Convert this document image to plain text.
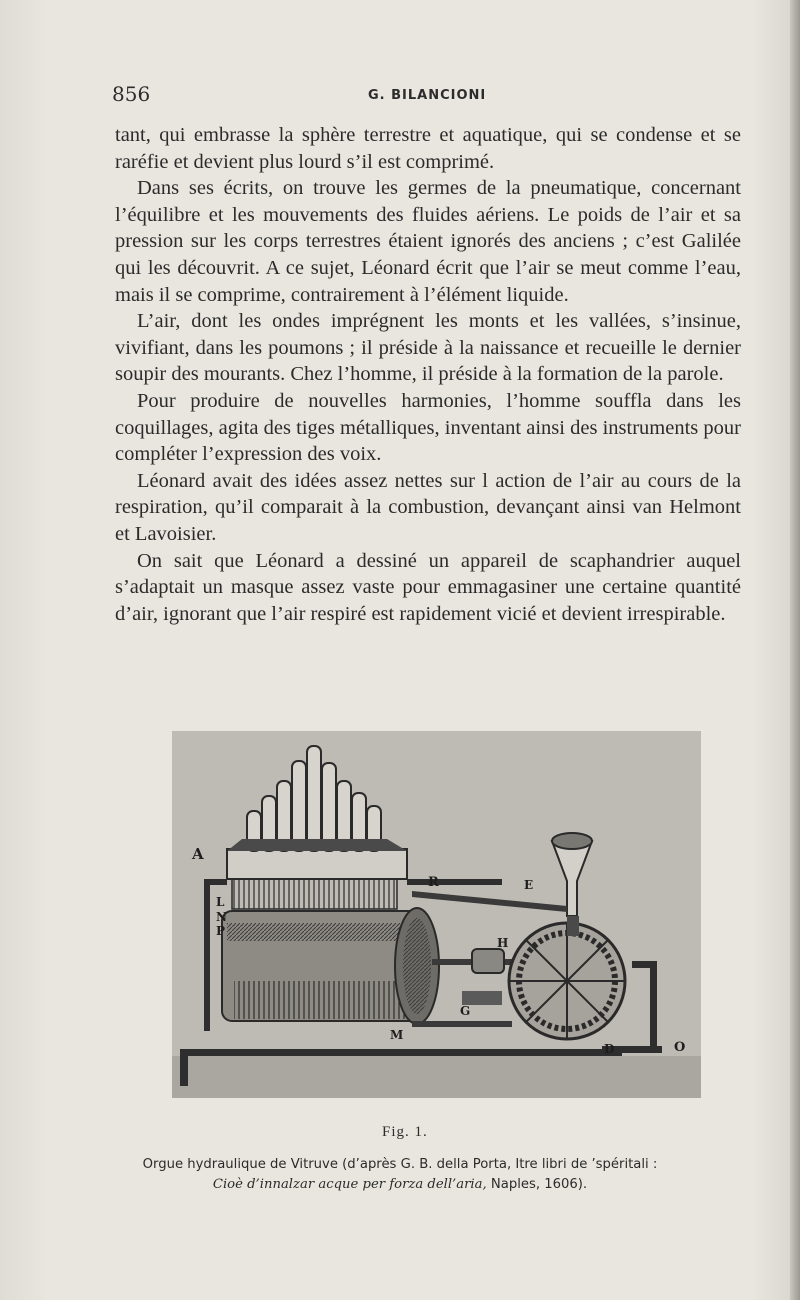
856	G. BILANCIONI

tant, qui embrasse la sphère terrestre et aquatique, qui se condense et se raréfie et devient plus lourd s’il est comprimé.

Dans ses écrits, on trouve les germes de la pneumatique, concernant l’équilibre et les mouvements des fluides aériens. Le poids de l’air et sa pression sur les corps terrestres étaient ignorés des anciens ; c’est Galilée qui les découvrit. A ce sujet, Léonard écrit que l’air se meut comme l’eau, mais il se comprime, contrairement à l’élément liquide.

L’air, dont les ondes imprégnent les monts et les vallées, s’insinue, vivifiant, dans les poumons ; il préside à la naissance et recueille le dernier soupir des mourants. Chez l’homme, il préside à la formation de la parole.

Pour produire de nouvelles harmonies, l’homme souffla dans les coquillages, agita des tiges métalliques, inventant ainsi des instruments pour compléter l’expression des voix.

Léonard avait des idées assez nettes sur l action de l’air au cours de la respiration, qu’il comparait à la combustion, devançant ainsi van Helmont et Lavoisier.

On sait que Léonard a dessiné un appareil de scaphandrier auquel s’adaptait un masque assez vaste pour emmagasiner une certaine quantité d’air, ignorant que l’air respiré est rapidement vicié et devient irrespirable.

A
L
N
P
R	E
H
G
M
D	O
Fig. 1.
Orgue hydraulique de Vitruve (d’après G. B. della Porta, Itre libri de ’spéritali :
Cioè d’innalzar acque per forza dell’aria, Naples, 1606).
